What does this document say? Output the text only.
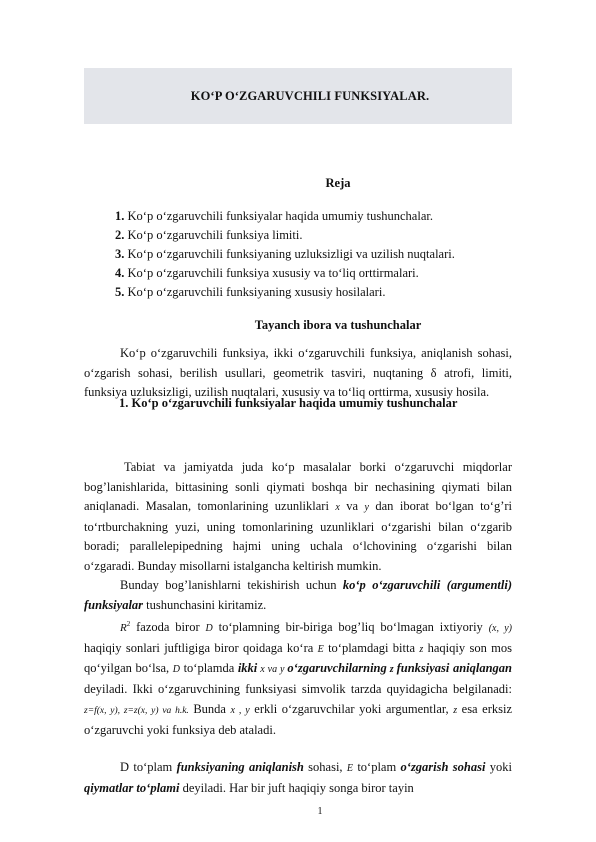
KO‘P O‘ZGARUVCHILI FUNKSIYALAR.
Reja
1. Ko‘p o‘zgaruvchili funksiyalar haqida umumiy tushunchalar.
2. Ko‘p o‘zgaruvchili funksiya limiti.
3. Ko‘p o‘zgaruvchili funksiyaning uzluksizligi va uzilish nuqtalari.
4. Ko‘p o‘zgaruvchili funksiya xususiy va to‘liq orttirmalari.
5. Ko‘p o‘zgaruvchili funksiyaning xususiy hosilalari.
Tayanch ibora va tushunchalar
Ko‘p o‘zgaruvchili funksiya, ikki o‘zgaruvchili funksiya, aniqlanish sohasi, o‘zgarish sohasi, berilish usullari, geometrik tasviri, nuqtaning δ atrofi, limiti, funksiya uzluksizligi, uzilish nuqtalari, xususiy va to‘liq orttirma, xususiy hosila.
1. Ko‘p o‘zgaruvchili funksiyalar haqida umumiy tushunchalar
Tabiat va jamiyatda juda ko‘p masalalar borki o‘zgaruvchi miqdorlar bog’lanishlarida, bittasining sonli qiymati boshqa bir nechasining qiymati bilan aniqlanadi. Masalan, tomonlarining uzunliklari x va y dan iborat bo‘lgan to‘g’ri to‘rtburchakning yuzi, uning tomonlarining uzunliklari o‘zgarishi bilan o‘zgarib boradi; parallelepipedning hajmi uning uchala o‘lchovining o‘zgarishi bilan o‘zgaradi. Bunday misollarni istalgancha keltirish mumkin.
Bunday bog’lanishlarni tekishirish uchun ko‘p o‘zgaruvchili (argumentli) funksiyalar tushunchasini kiritamiz.
$R^2$ fazoda biror D to‘plamning bir-biriga bog’liq bo‘lmagan ixtiyoriy (x, y) haqiqiy sonlari juftligiga biror qoidaga ko‘ra E to‘plamdagi bitta z haqiqiy son mos qo‘yilgan bo‘lsa, D to‘plamda ikki x va y o‘zgaruvchilarning z funksiyasi aniqlangan deyiladi. Ikki o‘zgaruvchining funksiyasi simvolik tarzda quyidagicha belgilanadi: z=f(x, y), z=z(x, y) va h.k. Bunda x , y erkli o‘zgaruvchilar yoki argumentlar, z esa erksiz o‘zgaruvchi yoki funksiya deb ataladi.
D to‘plam funksiyaning aniqlanish sohasi, E to‘plam o‘zgarish sohasi yoki qiymatlar to‘plami deyiladi. Har bir juft haqiqiy songa biror tayin
1
